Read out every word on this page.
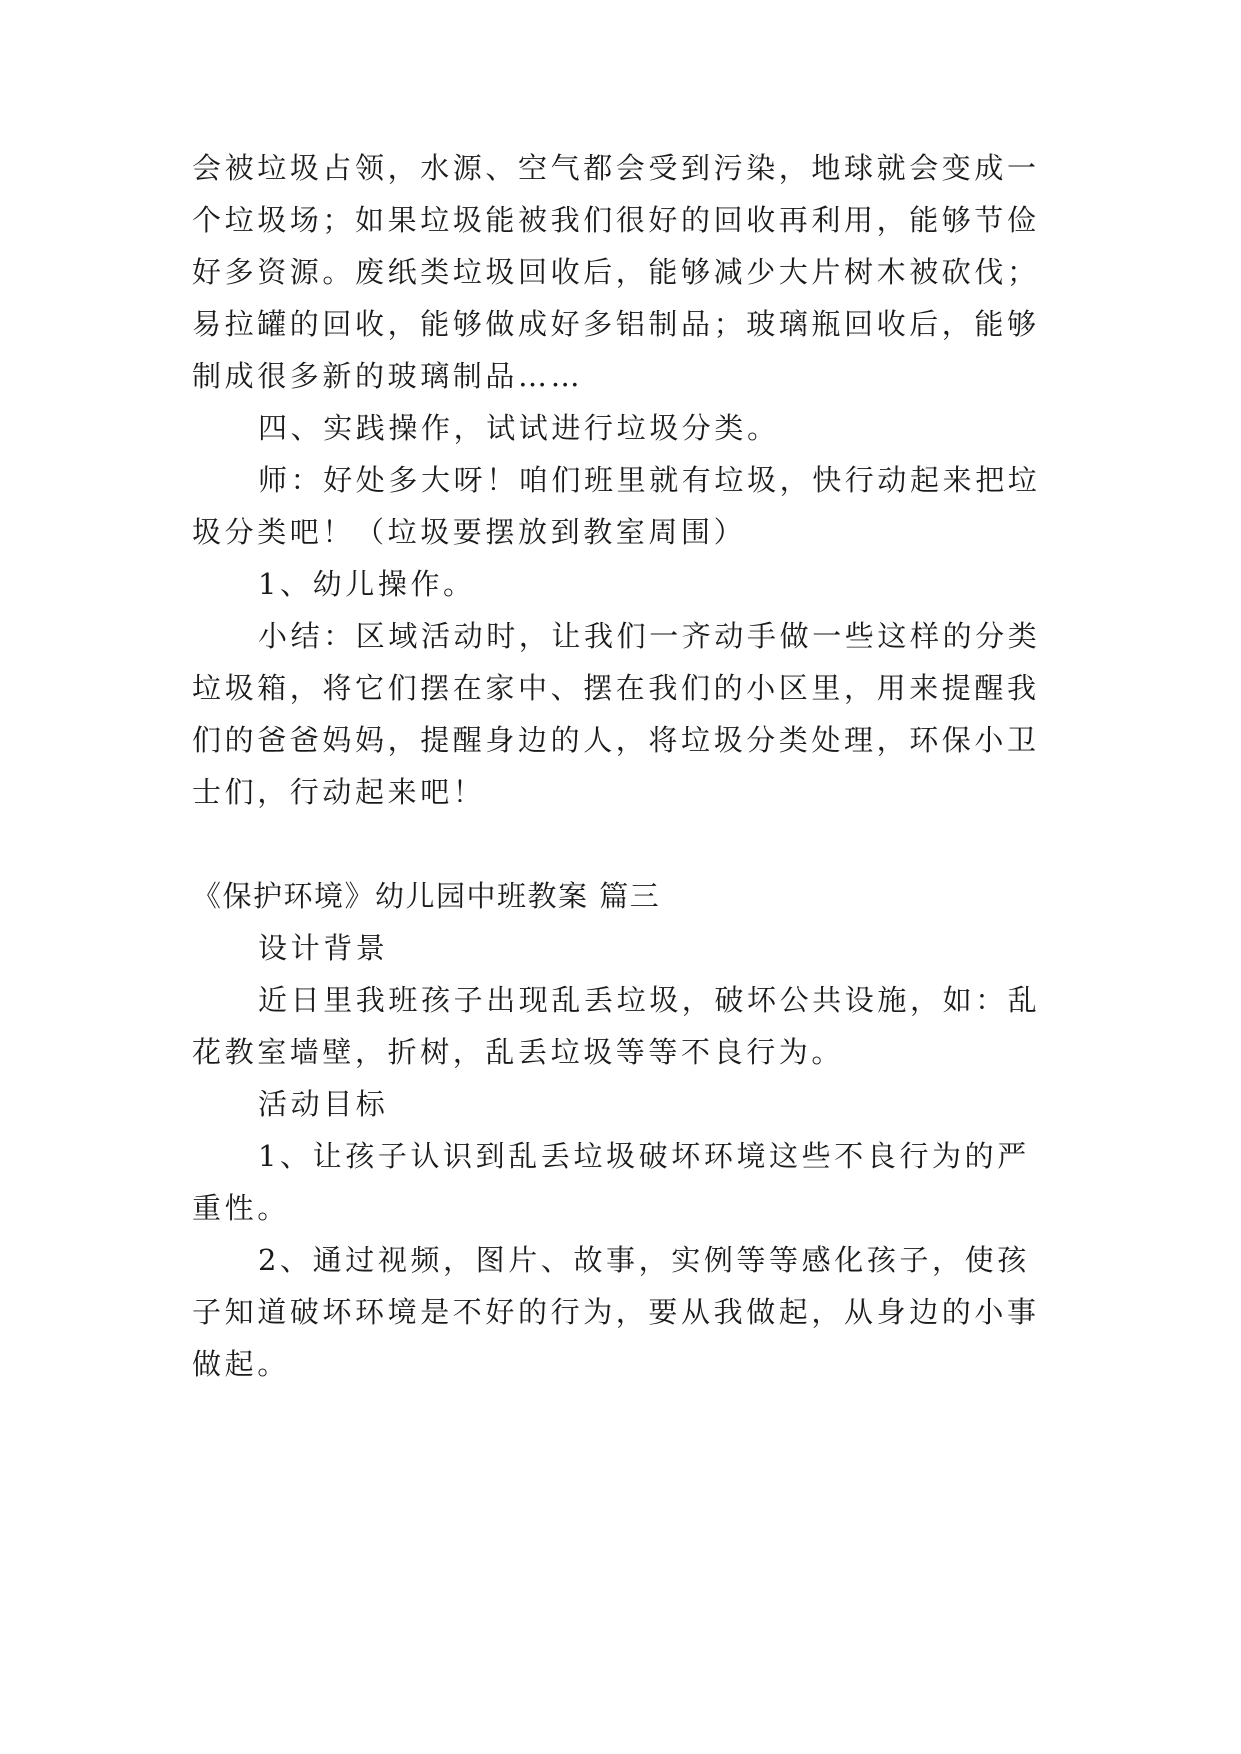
会被垃圾占领，水源、空气都会受到污染，地球就会变成一
个垃圾场；如果垃圾能被我们很好的回收再利用，能够节俭
好多资源。废纸类垃圾回收后，能够减少大片树木被砍伐；
易拉罐的回收，能够做成好多铝制品；玻璃瓶回收后，能够
制成很多新的玻璃制品……
四、实践操作，试试进行垃圾分类。
师：好处多大呀！咱们班里就有垃圾，快行动起来把垃
圾分类吧！（垃圾要摆放到教室周围）
1、幼儿操作。
小结：区域活动时，让我们一齐动手做一些这样的分类
垃圾箱，将它们摆在家中、摆在我们的小区里，用来提醒我
们的爸爸妈妈，提醒身边的人，将垃圾分类处理，环保小卫
士们，行动起来吧！
《保护环境》幼儿园中班教案 篇三
设计背景
近日里我班孩子出现乱丢垃圾，破坏公共设施，如：乱
花教室墙壁，折树，乱丢垃圾等等不良行为。
活动目标
1、让孩子认识到乱丢垃圾破坏环境这些不良行为的严
重性。
2、通过视频，图片、故事，实例等等感化孩子，使孩
子知道破坏环境是不好的行为，要从我做起，从身边的小事
做起。
